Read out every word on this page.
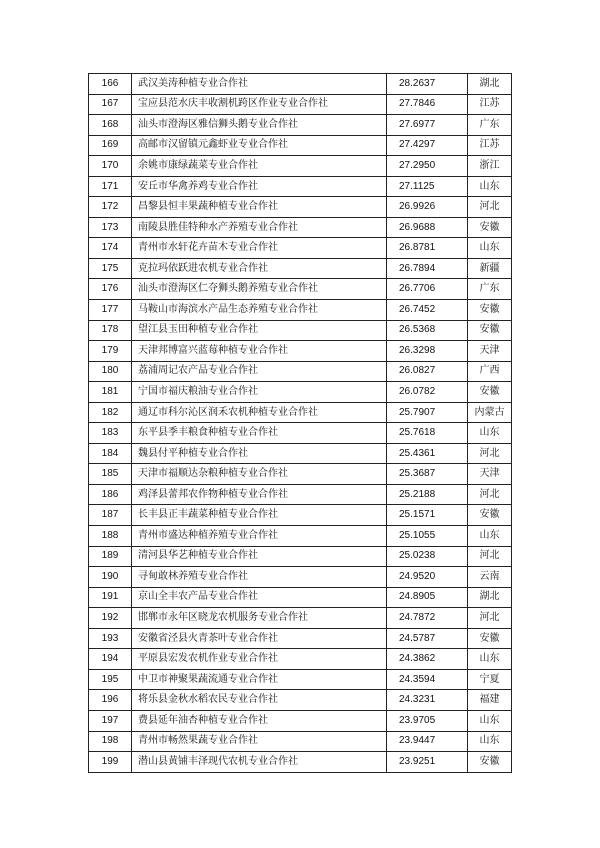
166	武汉美涛种植专业合作社	28.2637	湖北
167	宝应县范水庆丰收割机跨区作业专业合作社	27.7846	江苏
168	汕头市澄海区雅信狮头鹅专业合作社	27.6977	广东
169	高邮市汉留镇元鑫虾业专业合作社	27.4297	江苏
170	余姚市康绿蔬菜专业合作社	27.2950	浙江
171	安丘市华禽养鸡专业合作社	27.1125	山东
172	昌黎县恒丰果蔬种植专业合作社	26.9926	河北
173	南陵县胜佳特种水产养殖专业合作社	26.9688	安徽
174	青州市水轩花卉苗木专业合作社	26.8781	山东
175	克拉玛依跃进农机专业合作社	26.7894	新疆
176	汕头市澄海区仁夺狮头鹅养殖专业合作社	26.7706	广东
177	马鞍山市海滨水产品生态养殖专业合作社	26.7452	安徽
178	望江县玉田种植专业合作社	26.5368	安徽
179	天津邦博富兴蓝莓种植专业合作社	26.3298	天津
180	荔浦周记农产品专业合作社	26.0827	广西
181	宁国市福庆粮油专业合作社	26.0782	安徽
182	通辽市科尔沁区润禾农机种植专业合作社	25.7907	内蒙古
183	东平县季丰粮食种植专业合作社	25.7618	山东
184	魏县付平种植专业合作社	25.4361	河北
185	天津市福顺达杂粮种植专业合作社	25.3687	天津
186	鸡泽县蕾邦农作物种植专业合作社	25.2188	河北
187	长丰县正丰蔬菜种植专业合作社	25.1571	安徽
188	青州市盛达种植养殖专业合作社	25.1055	山东
189	清河县华艺种植专业合作社	25.0238	河北
190	寻甸敢林养殖专业合作社	24.9520	云南
191	京山全丰农产品专业合作社	24.8905	湖北
192	邯郸市永年区晓龙农机服务专业合作社	24.7872	河北
193	安徽省泾县火青茶叶专业合作社	24.5787	安徽
194	平原县宏发农机作业专业合作社	24.3862	山东
195	中卫市神聚果蔬流通专业合作社	24.3594	宁夏
196	将乐县金秋水稻农民专业合作社	24.3231	福建
197	费县延年油杏种植专业合作社	23.9705	山东
198	青州市畅然果蔬专业合作社	23.9447	山东
199	潜山县黄铺丰泽现代农机专业合作社	23.9251	安徽
